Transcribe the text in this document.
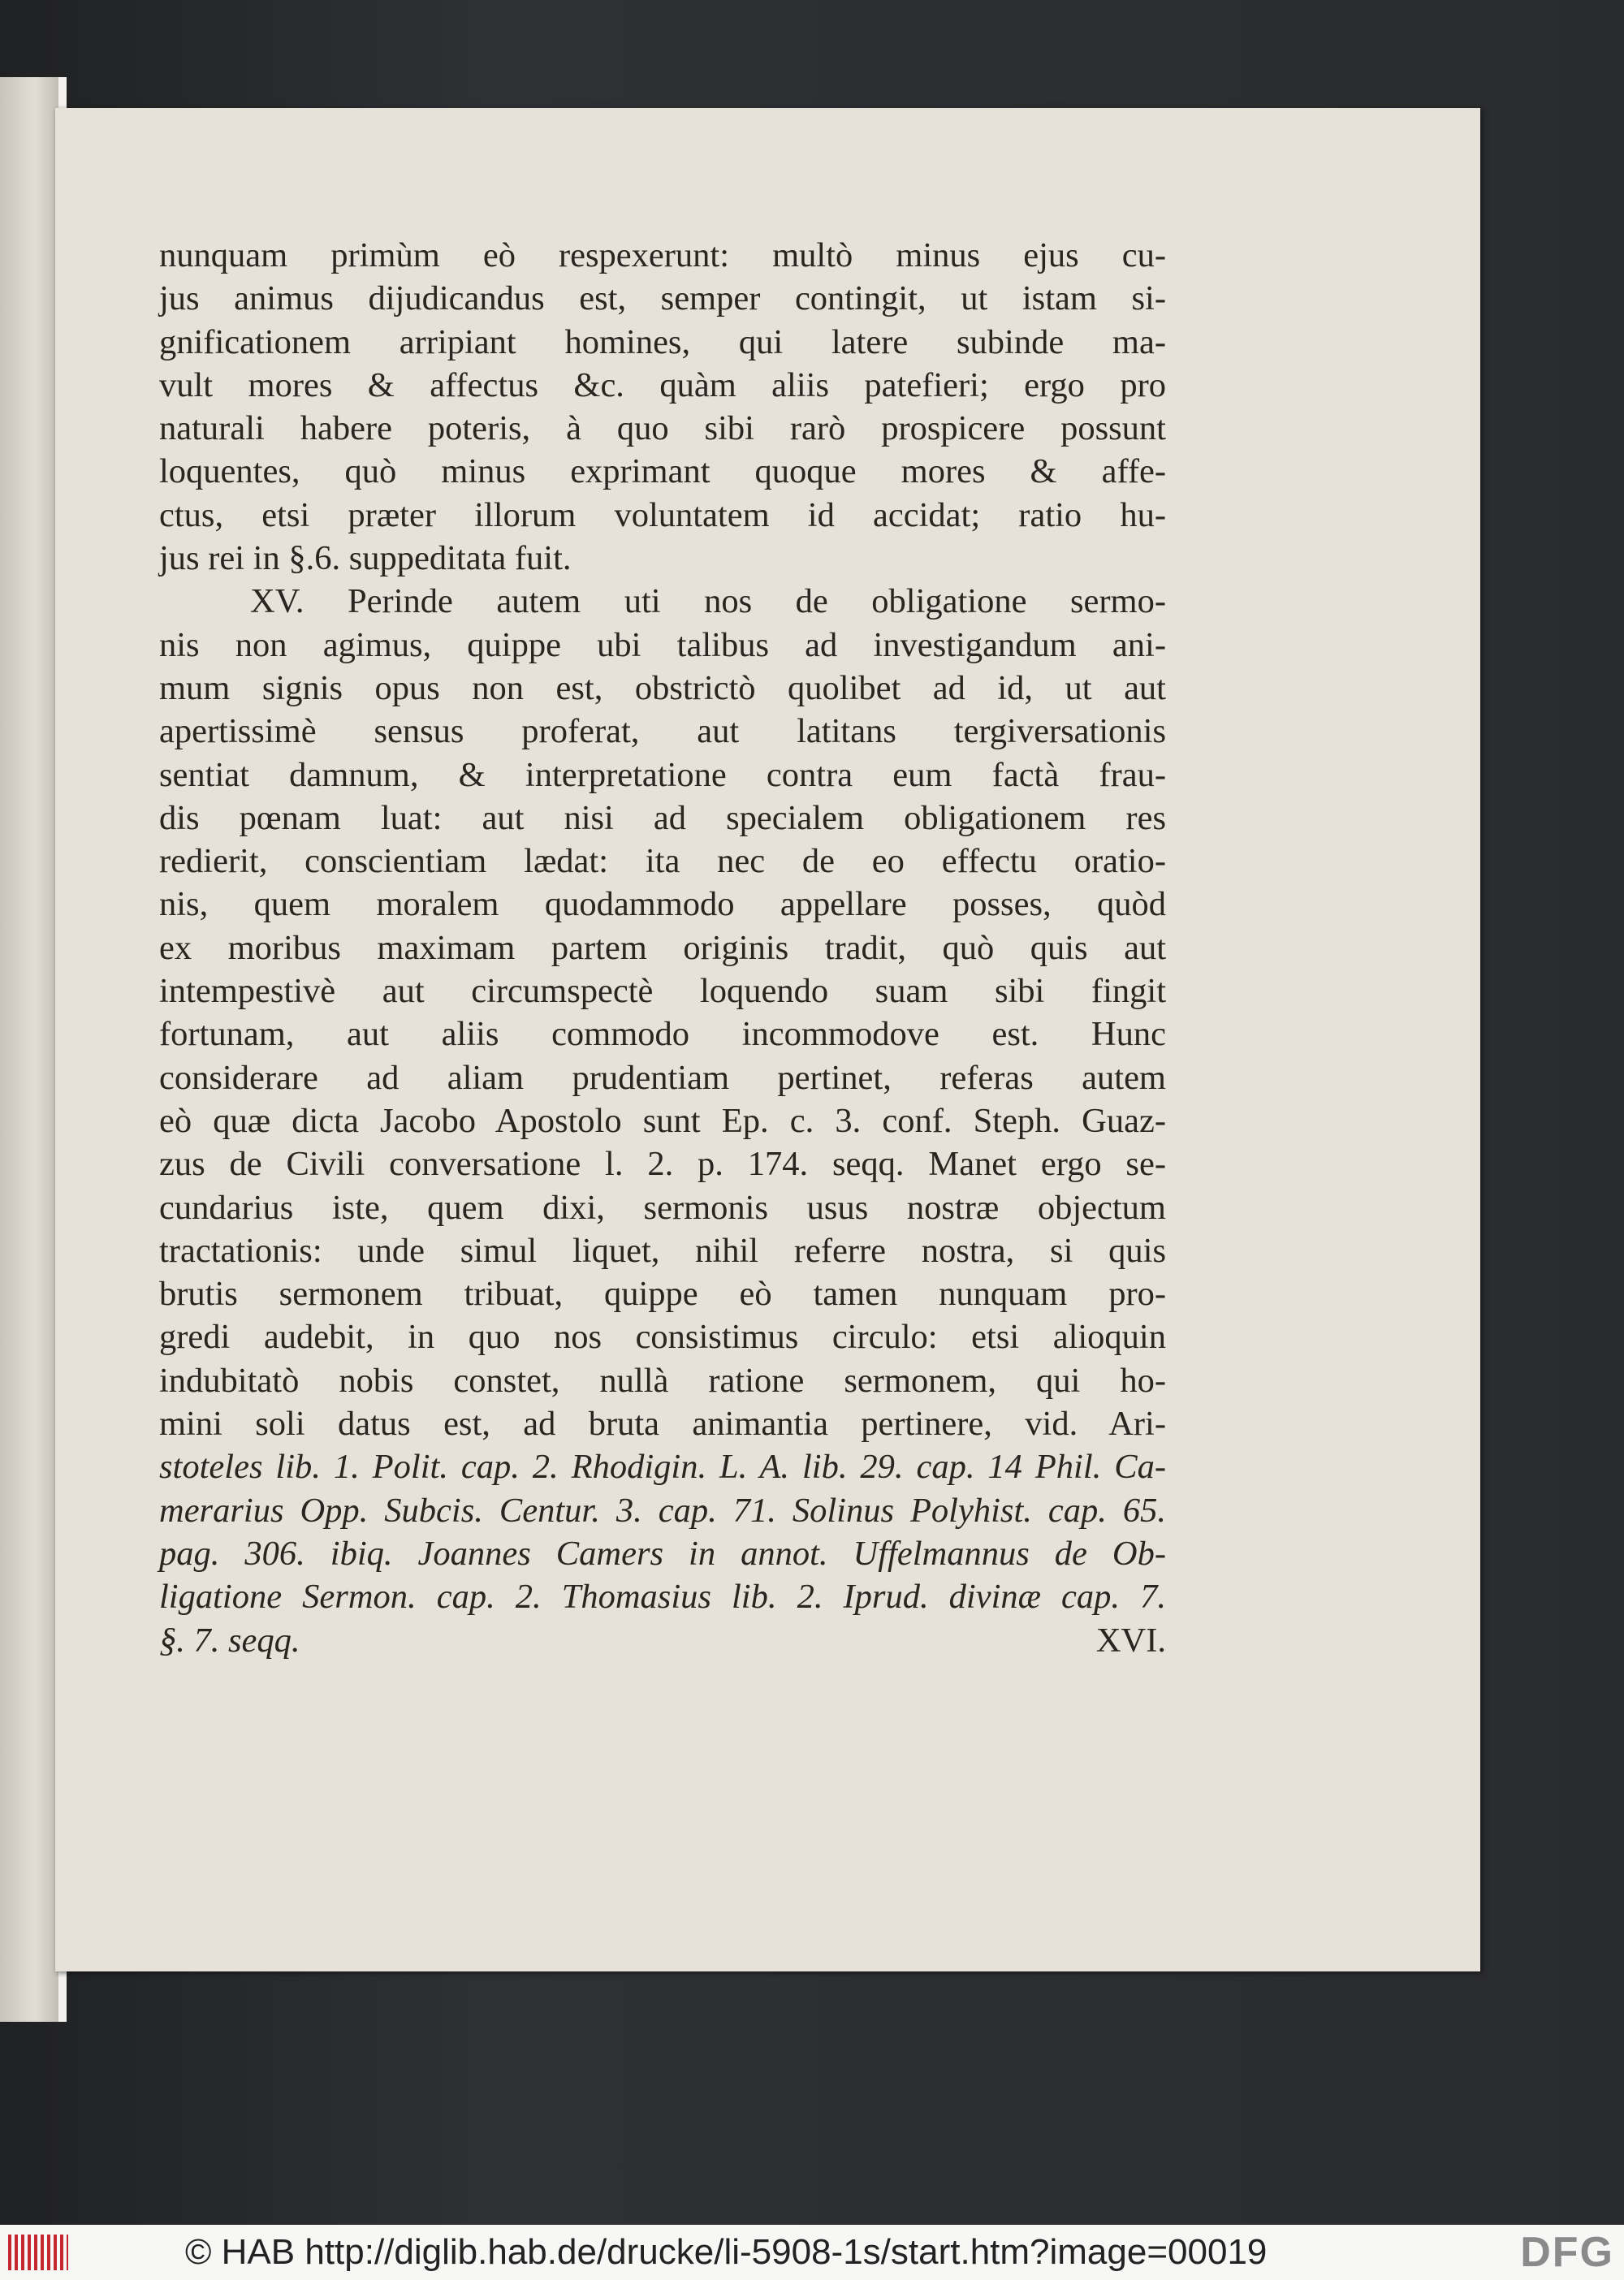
nunquam primùm eò respexerunt: multò minus ejus cu-
jus animus dijudicandus est, semper contingit, ut istam si-
gnificationem arripiant homines, qui latere subinde ma-
vult mores & affectus &c. quàm aliis patefieri; ergo pro
naturali habere poteris, à quo sibi rarò prospicere possunt
loquentes, quò minus exprimant quoque mores & affe-
ctus, etsi præter illorum voluntatem id accidat; ratio hu-
jus rei in §.6. suppeditata fuit.
XV. Perinde autem uti nos de obligatione sermo-
nis non agimus, quippe ubi talibus ad investigandum ani-
mum signis opus non est, obstrictò quolibet ad id, ut aut
apertissimè sensus proferat, aut latitans tergiversationis
sentiat damnum, & interpretatione contra eum factà frau-
dis pœnam luat: aut nisi ad specialem obligationem res
redierit, conscientiam lædat: ita nec de eo effectu oratio-
nis, quem moralem quodammodo appellare posses, quòd
ex moribus maximam partem originis tradit, quò quis aut
intempestivè aut circumspectè loquendo suam sibi fingit
fortunam, aut aliis commodo incommodove est. Hunc
considerare ad aliam prudentiam pertinet, referas autem
eò quæ dicta Jacobo Apostolo sunt Ep. c. 3. conf. Steph. Guaz-
zus de Civili conversatione l. 2. p. 174. seqq. Manet ergo se-
cundarius iste, quem dixi, sermonis usus nostræ objectum
tractationis: unde simul liquet, nihil referre nostra, si quis
brutis sermonem tribuat, quippe eò tamen nunquam pro-
gredi audebit, in quo nos consistimus circulo: etsi alioquin
indubitatò nobis constet, nullà ratione sermonem, qui ho-
mini soli datus est, ad bruta animantia pertinere, vid. Ari-
stoteles lib. 1. Polit. cap. 2. Rhodigin. L. A. lib. 29. cap. 14 Phil. Ca-
merarius Opp. Subcis. Centur. 3. cap. 71. Solinus Polyhist. cap. 65.
pag. 306. ibiq. Joannes Camers in annot. Uffelmannus de Ob-
ligatione Sermon. cap. 2. Thomasius lib. 2. Iprud. divinæ cap. 7.
§. 7. seqq.	XVI.
© HAB http://diglib.hab.de/drucke/li-5908-1s/start.htm?image=00019	DFG
